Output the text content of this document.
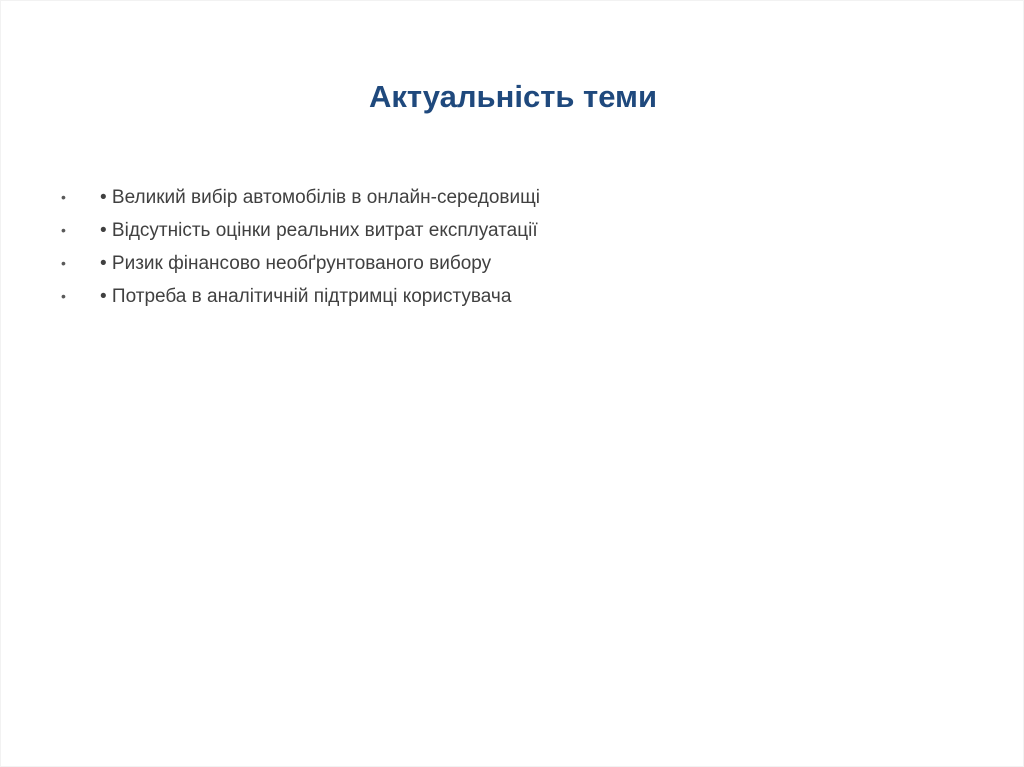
Актуальність теми
• • Великий вибір автомобілів в онлайн-середовищі
• • Відсутність оцінки реальних витрат експлуатації
• • Ризик фінансово необґрунтованого вибору
• • Потреба в аналітичній підтримці користувача
